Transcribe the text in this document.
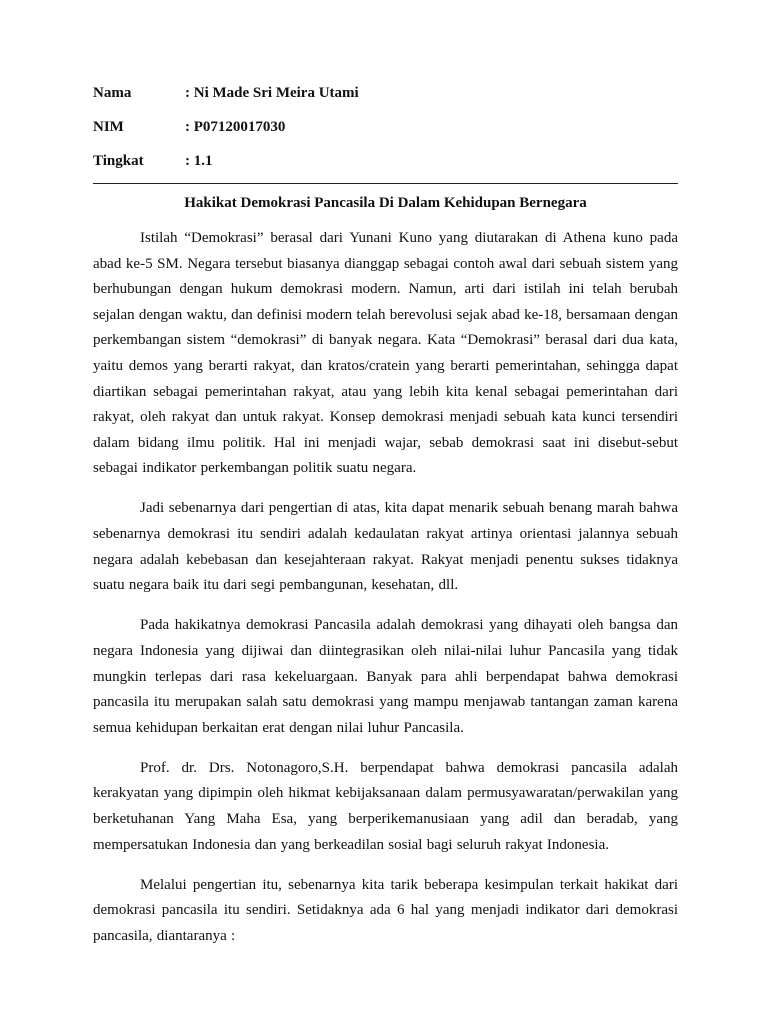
Nama	: Ni Made Sri Meira Utami
NIM	: P07120017030
Tingkat	: 1.1
Hakikat Demokrasi Pancasila Di Dalam Kehidupan Bernegara

Istilah “Demokrasi” berasal dari Yunani Kuno yang diutarakan di Athena kuno pada abad ke-5 SM. Negara tersebut biasanya dianggap sebagai contoh awal dari sebuah sistem yang berhubungan dengan hukum demokrasi modern. Namun, arti dari istilah ini telah berubah sejalan dengan waktu, dan definisi modern telah berevolusi sejak abad ke-18, bersamaan dengan perkembangan sistem “demokrasi” di banyak negara. Kata “Demokrasi” berasal dari dua kata, yaitu demos yang berarti rakyat, dan kratos/cratein yang berarti pemerintahan, sehingga dapat diartikan sebagai pemerintahan rakyat, atau yang lebih kita kenal sebagai pemerintahan dari rakyat, oleh rakyat dan untuk rakyat. Konsep demokrasi menjadi sebuah kata kunci tersendiri dalam bidang ilmu politik. Hal ini menjadi wajar, sebab demokrasi saat ini disebut-sebut sebagai indikator perkembangan politik suatu negara.

Jadi sebenarnya dari pengertian di atas, kita dapat menarik sebuah benang marah bahwa sebenarnya demokrasi itu sendiri adalah kedaulatan rakyat artinya orientasi jalannya sebuah negara adalah kebebasan dan kesejahteraan rakyat. Rakyat menjadi penentu sukses tidaknya suatu negara baik itu dari segi pembangunan, kesehatan, dll.

Pada hakikatnya demokrasi Pancasila adalah demokrasi yang dihayati oleh bangsa dan negara Indonesia yang dijiwai dan diintegrasikan oleh nilai-nilai luhur Pancasila yang tidak mungkin terlepas dari rasa kekeluargaan. Banyak para ahli berpendapat bahwa demokrasi pancasila itu merupakan salah satu demokrasi yang mampu menjawab tantangan zaman karena semua kehidupan berkaitan erat dengan nilai luhur Pancasila.

Prof. dr. Drs. Notonagoro,S.H. berpendapat bahwa demokrasi pancasila adalah kerakyatan yang dipimpin oleh hikmat kebijaksanaan dalam permusyawaratan/perwakilan yang berketuhanan Yang Maha Esa, yang berperikemanusiaan yang adil dan beradab, yang mempersatukan Indonesia dan yang berkeadilan sosial bagi seluruh rakyat Indonesia.

Melalui pengertian itu, sebenarnya kita tarik beberapa kesimpulan terkait hakikat dari demokrasi pancasila itu sendiri. Setidaknya ada 6 hal yang menjadi indikator dari demokrasi pancasila, diantaranya :
